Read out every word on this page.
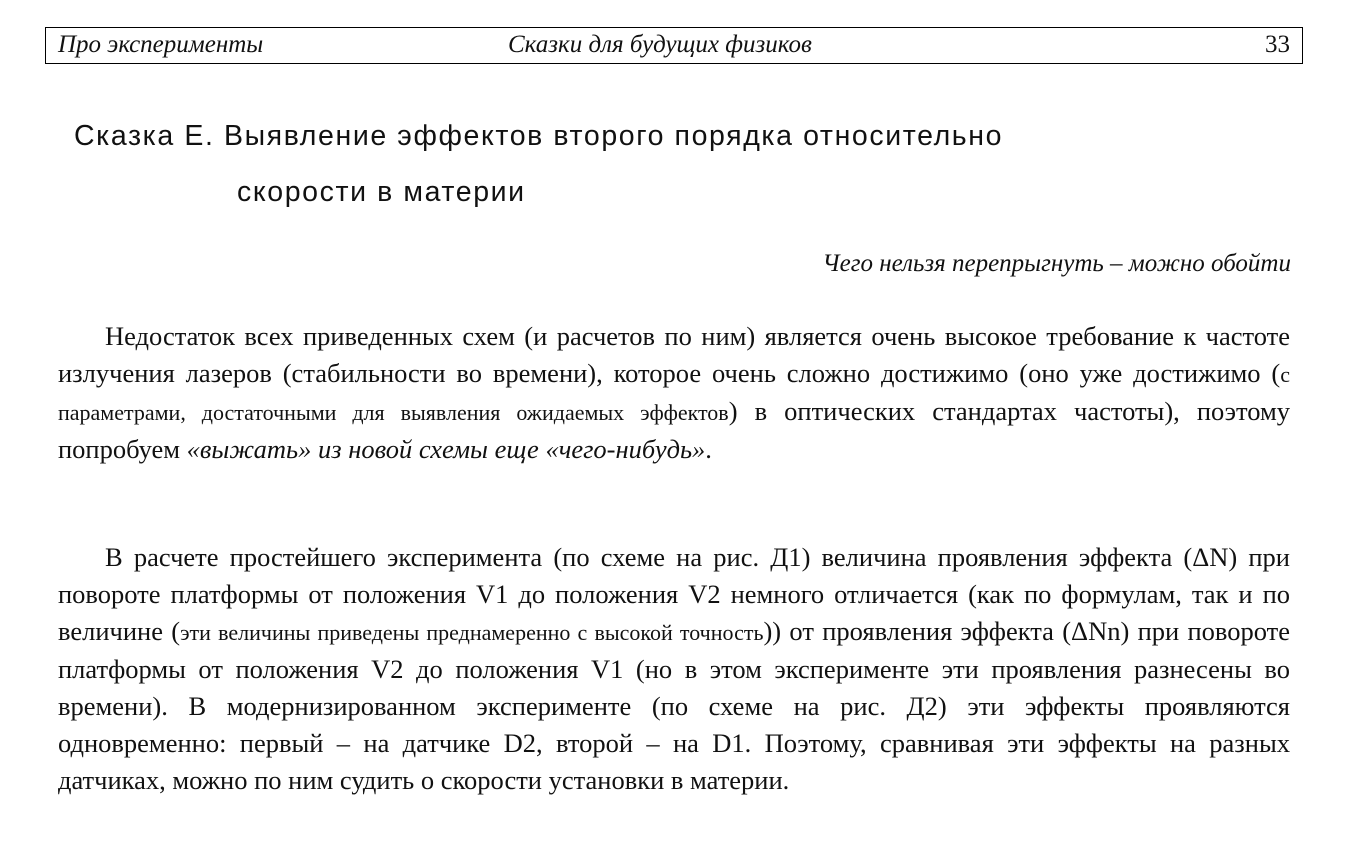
Про эксперименты	Сказки для будущих физиков	33
Сказка Е. Выявление эффектов второго порядка относительно
скорости в материи
Чего нельзя перепрыгнуть – можно обойти

Недостаток всех приведенных схем (и расчетов по ним) является очень высокое требование к частоте излучения лазеров (стабильности во времени), которое очень сложно достижимо (оно уже достижимо (с параметрами, достаточными для выявления ожидаемых эффектов) в оптических стандартах частоты), поэтому попробуем «выжать» из новой схемы еще «чего-нибудь».

В расчете простейшего эксперимента (по схеме на рис. Д1) величина проявления эффекта (ΔN) при повороте платформы от положения V1 до положения V2 немного отличается (как по формулам, так и по величине (эти величины приведены преднамеренно с высокой точность)) от проявления эффекта (ΔNn) при повороте платформы от положения V2 до положения V1 (но в этом эксперименте эти проявления разнесены во времени). В модернизированном эксперименте (по схеме на рис. Д2) эти эффекты проявляются одновременно: первый – на датчике D2, второй – на D1. Поэтому, сравнивая эти эффекты на разных датчиках, можно по ним судить о скорости установки в материи.
